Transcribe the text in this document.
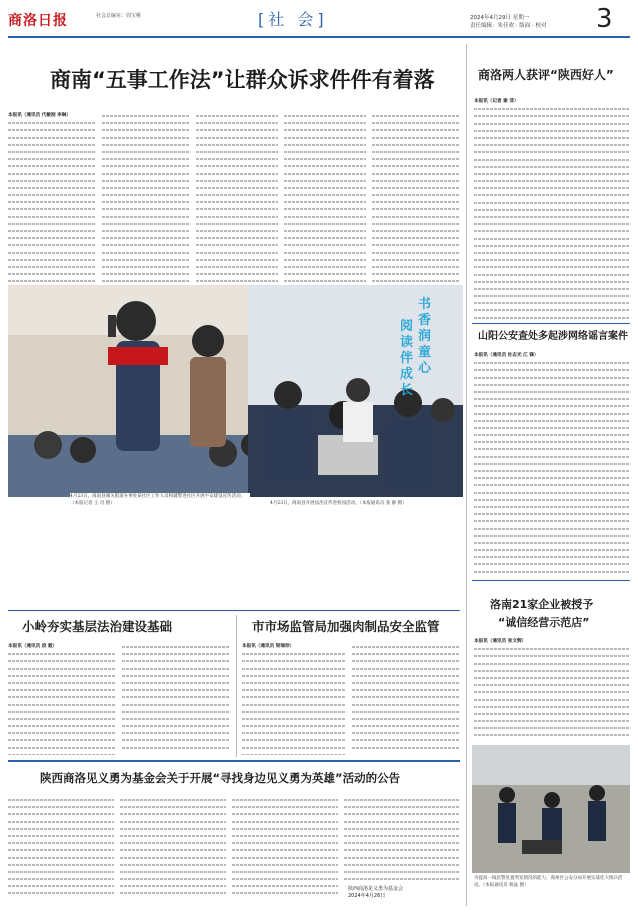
商洛日报	社会总编室：周宝桃	[社 会]	2024年4月29日 星期一
责任编辑：朱佳欢 · 版面 · 校对 3
商南“五事工作法”让群众诉求件件有着落
本报讯（通讯员 代敏刚 李琳）
书香润童心
阅读伴成长
4月23日，商南县城关街道办事处某社区工作人员和辅警进社区开展平安建设宣传活动。（本报记者 王 肖 摄）	4月23日，商南县开展法治宣传进校园活动。（本报通讯员 张 静 摄）
商洛两人获评“陕西好人”
本报讯（记者 谢 菲）
山阳公安查处多起涉网络谣言案件
本报讯（通讯员 杜志光 江 锋）
洛南21家企业被授予
“诚信经营示范店”
本报讯（通讯员 张文辉）
为提高一线民警处置突发情况的能力，商州区公安分局开展实战化大练兵活动。（本报通讯员 杨晶 摄）
小岭夯实基层法治建设基础	市市场监管局加强肉制品安全监管
本报讯（通讯员 段 毅）	本报讯（通讯员 梁瑞珍）
陕西商洛见义勇为基金会关于开展“寻找身边见义勇为英雄”活动的公告
陕西商洛见义勇为基金会
2024年4月26日
